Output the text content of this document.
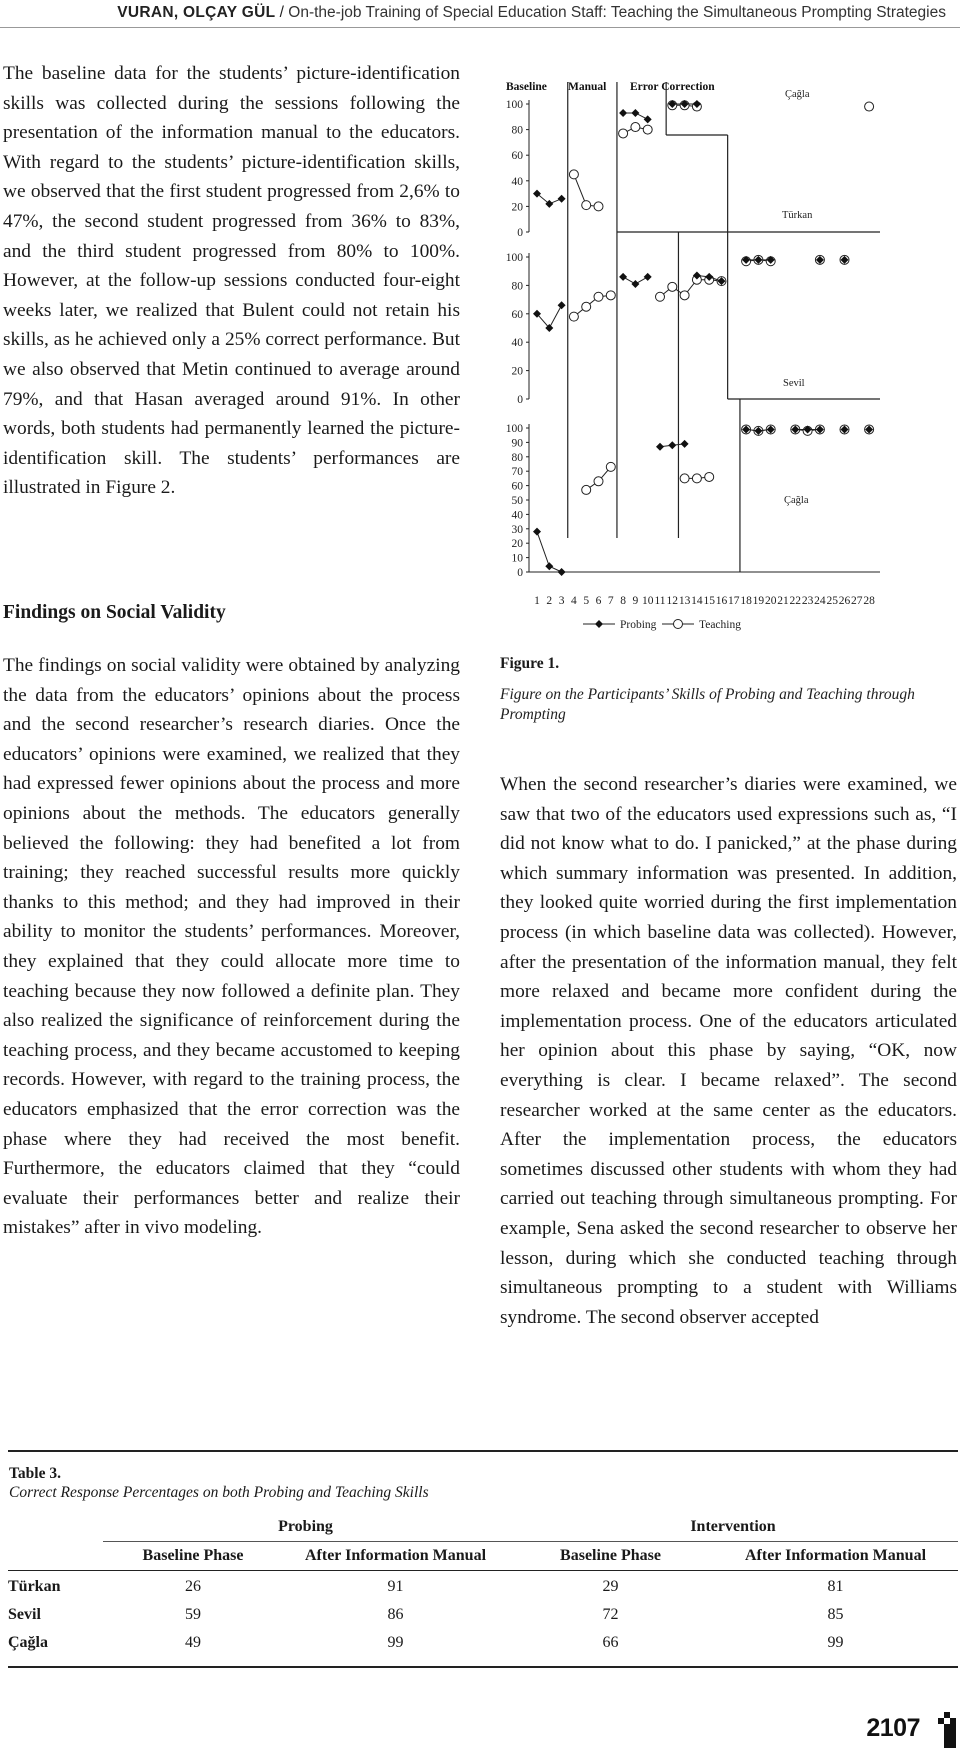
VURAN, OLÇAY GÜL / On-the-job Training of Special Education Staff: Teaching the Simultaneous Prompting Strategies

The baseline data for the students’ picture-identification skills was collected during the sessions following the presentation of the information manual to the educators. With regard to the students’ picture-identification skills, we observed that the first student progressed from 2,6% to 47%, the second student progressed from 36% to 83%, and the third student progressed from 80% to 100%. However, at the follow-up sessions conducted four-eight weeks later, we realized that Bulent could not retain his skills, as he achieved only a 25% correct performance. But we also observed that Metin continued to average around 79%, and that Hasan averaged around 91%. In other words, both students had permanently learned the picture-identification skill. The students’ performances are illustrated in Figure 2.

Findings on Social Validity

The findings on social validity were obtained by analyzing the data from the educators’ opinions about the process and the second researcher’s research diaries. Once the educators’ opinions were examined, we realized that they had expressed fewer opinions about the process and more opinions about the methods. The educators generally believed the following: they had benefited a lot from training; they reached successful results more quickly thanks to this method; and they had improved in their ability to monitor the students’ performances. Moreover, they explained that they could allocate more time to teaching because they now followed a definite plan. They also realized the significance of reinforcement during the teaching process, and they became accustomed to keeping records. However, with regard to the training process, the educators emphasized that the error correction was the phase where they had received the most benefit. Furthermore, the educators claimed that they “could evaluate their performances better and realize their mistakes” after in vivo modeling.

Baseline Manual Error Correction
0
20
40
60
80
100
Çağla
0
20
40
60
80
100
Türkan
0
10
20
30
40
50
60
70
80
90
100
Sevil
Çağla
1 2 3 4 5 6 7 8 9 10 11 12 13 14 15 16 17 18 19 20 21 22 23 24 25 26 27 28
Probing	Teaching

Figure 1.

Figure on the Participants’ Skills of Probing and Teaching through Prompting

When the second researcher’s diaries were examined, we saw that two of the educators used expressions such as, “I did not know what to do. I panicked,” at the phase during which summary information was presented. In addition, they looked quite worried during the first implementation process (in which baseline data was collected). However, after the presentation of the information manual, they felt more relaxed and became more confident during the implementation process. One of the educators articulated her opinion about this phase by saying, “OK, now everything is clear. I became relaxed”. The second researcher worked at the same center as the educators. After the implementation process, the educators sometimes discussed other students with whom they had carried out teaching through simultaneous prompting. For example, Sena asked the second researcher to observe her lesson, during which she conducted teaching through simultaneous prompting to a student with Williams syndrome. The second observer accepted

Table 3.

Correct Response Percentages on both Probing and Teaching Skills

	Probing		Intervention	
	Baseline Phase	After Information Manual	Baseline Phase	After Information Manual
Türkan	26	91	29	81
Sevil	59	86	72	85
Çağla	49	99	66	99

2107
